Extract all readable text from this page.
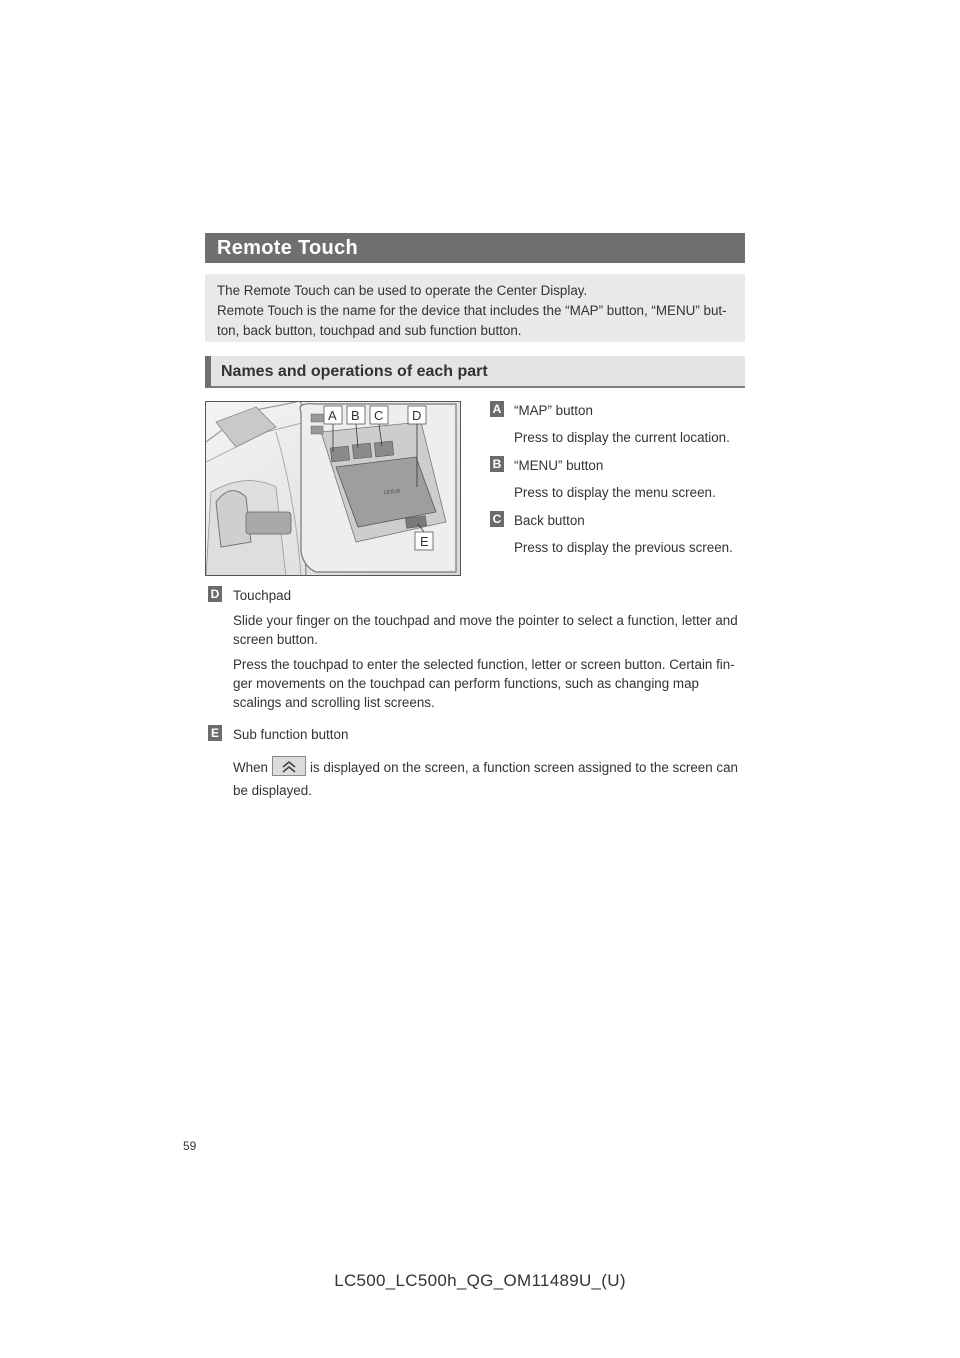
Remote Touch

The Remote Touch can be used to operate the Center Display.

Remote Touch is the name for the device that includes the “MAP” button, “MENU” but-

ton, back button, touchpad and sub function button.

Names and operations of each part
LEXUS
A B C D
E
A “MAP” button
Press to display the current location.
B “MENU” button
Press to display the menu screen.
C Back button
Press to display the previous screen.
D Touchpad

Slide your finger on the touchpad and move the pointer to select a function, letter and screen button.

Press the touchpad to enter the selected function, letter or screen button. Certain fin-ger movements on the touchpad can perform functions, such as changing map scalings and scrolling list screens.

E Sub function button
When	is displayed on the screen, a function screen assigned to the screen can be displayed.
59
LC500_LC500h_QG_OM11489U_(U)
